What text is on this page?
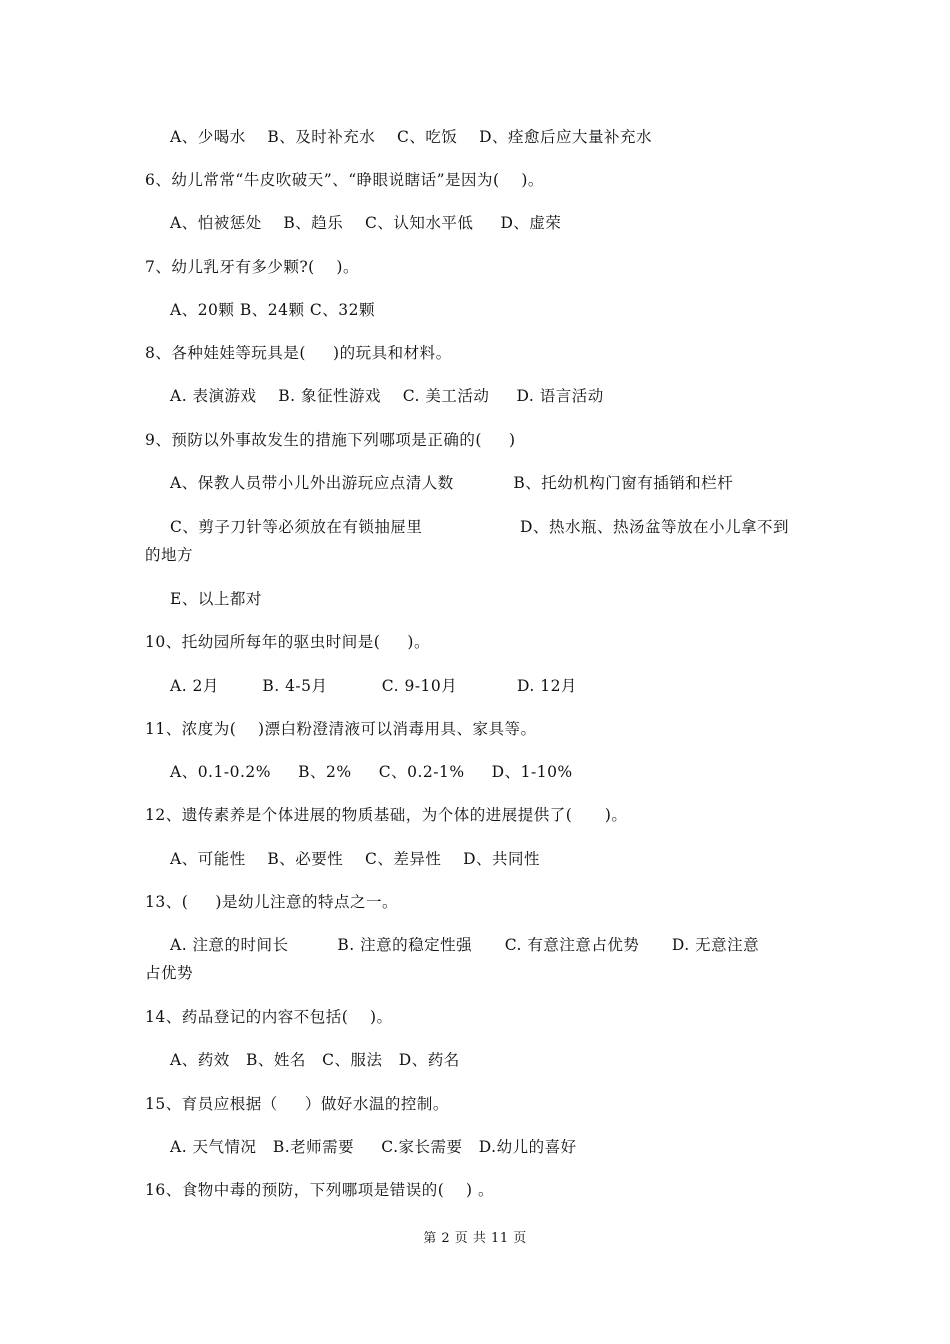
A、少喝水    B、及时补充水    C、吃饭    D、痊愈后应大量补充水
6、幼儿常常“牛皮吹破天”、“睁眼说瞎话”是因为(    )。
A、怕被惩处    B、趋乐    C、认知水平低     D、虚荣
7、幼儿乳牙有多少颗?(    )。
A、20颗 B、24颗 C、32颗
8、各种娃娃等玩具是(     )的玩具和材料。
A. 表演游戏    B. 象征性游戏    C. 美工活动     D. 语言活动
9、预防以外事故发生的措施下列哪项是正确的(     )
A、保教人员带小儿外出游玩应点清人数           B、托幼机构门窗有插销和栏杆
C、剪子刀针等必须放在有锁抽屉里                  D、热水瓶、热汤盆等放在小儿拿不到
的地方
E、以上都对
10、托幼园所每年的驱虫时间是(     )。
A. 2月        B. 4-5月          C. 9-10月           D. 12月
11、浓度为(    )漂白粉澄清液可以消毒用具、家具等。
A、0.1-0.2%     B、2%     C、0.2-1%     D、1-10%
12、遗传素养是个体进展的物质基础，为个体的进展提供了(      )。
A、可能性    B、必要性    C、差异性    D、共同性
13、(     )是幼儿注意的特点之一。
A. 注意的时间长         B. 注意的稳定性强      C. 有意注意占优势      D. 无意注意
占优势
14、药品登记的内容不包括(    )。
A、药效   B、姓名   C、服法   D、药名
15、育员应根据（     ）做好水温的控制。
A. 天气情况   B.老师需要     C.家长需要   D.幼儿的喜好
16、食物中毒的预防，下列哪项是错误的(    ) 。
第 2 页 共 11 页
